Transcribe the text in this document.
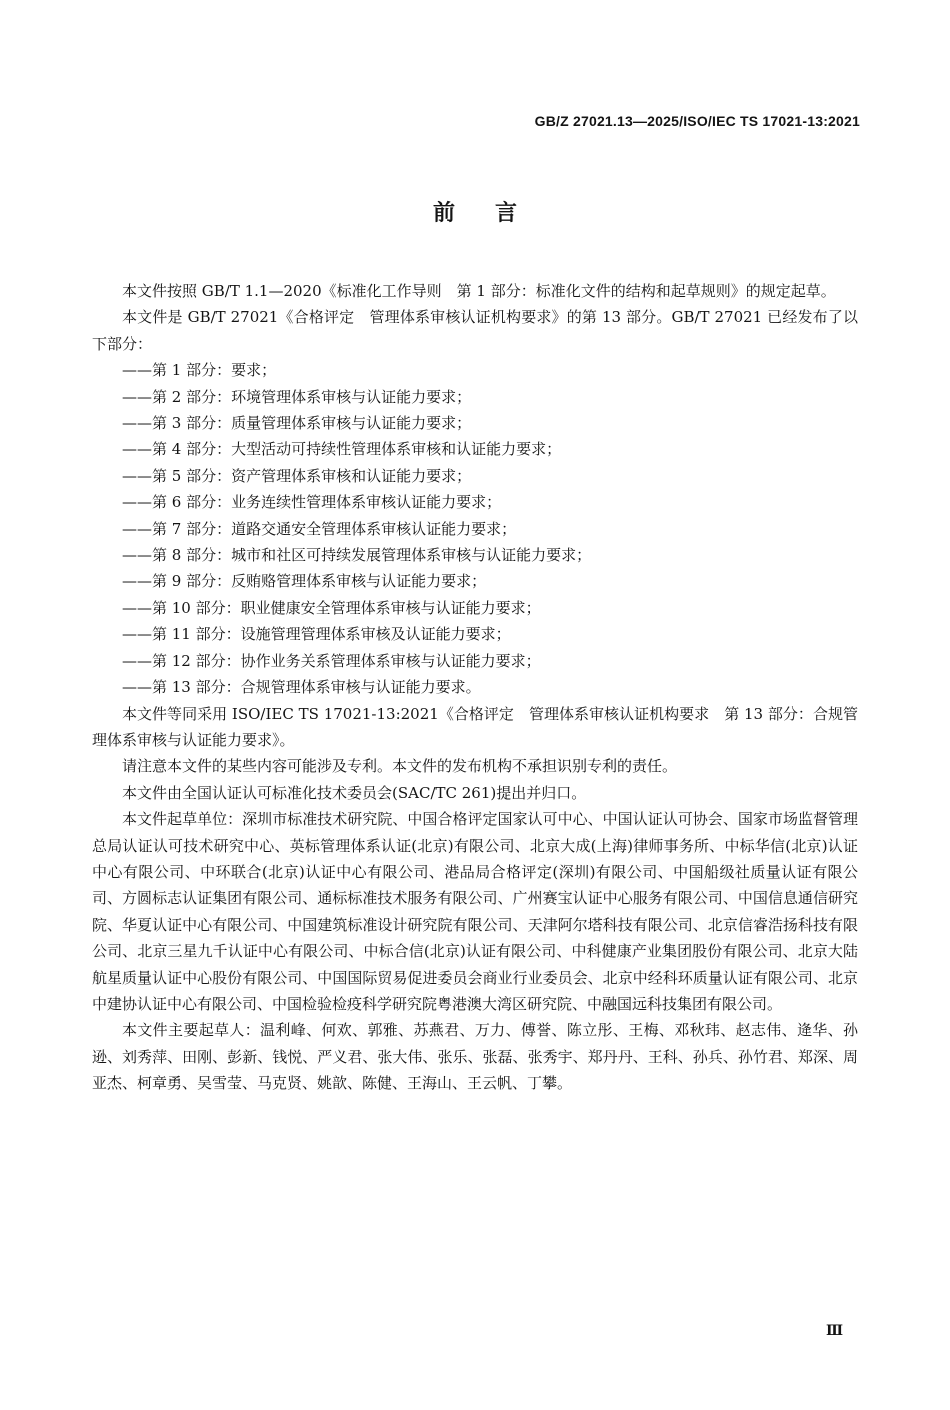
GB/Z 27021.13—2025/ISO/IEC TS 17021-13:2021
前言

本文件按照 GB/T 1.1—2020《标准化工作导则　第 1 部分：标准化文件的结构和起草规则》的规定起草。

本文件是 GB/T 27021《合格评定　管理体系审核认证机构要求》的第 13 部分。GB/T 27021 已经发布了以下部分：

——第 1 部分：要求；
——第 2 部分：环境管理体系审核与认证能力要求；
——第 3 部分：质量管理体系审核与认证能力要求；
——第 4 部分：大型活动可持续性管理体系审核和认证能力要求；
——第 5 部分：资产管理体系审核和认证能力要求；
——第 6 部分：业务连续性管理体系审核认证能力要求；
——第 7 部分：道路交通安全管理体系审核认证能力要求；
——第 8 部分：城市和社区可持续发展管理体系审核与认证能力要求；
——第 9 部分：反贿赂管理体系审核与认证能力要求；
——第 10 部分：职业健康安全管理体系审核与认证能力要求；
——第 11 部分：设施管理管理体系审核及认证能力要求；
——第 12 部分：协作业务关系管理体系审核与认证能力要求；
——第 13 部分：合规管理体系审核与认证能力要求。

本文件等同采用 ISO/IEC TS 17021-13:2021《合格评定　管理体系审核认证机构要求　第 13 部分：合规管理体系审核与认证能力要求》。

请注意本文件的某些内容可能涉及专利。本文件的发布机构不承担识别专利的责任。

本文件由全国认证认可标准化技术委员会(SAC/TC 261)提出并归口。

本文件起草单位：深圳市标准技术研究院、中国合格评定国家认可中心、中国认证认可协会、国家市场监督管理总局认证认可技术研究中心、英标管理体系认证(北京)有限公司、北京大成(上海)律师事务所、中标华信(北京)认证中心有限公司、中环联合(北京)认证中心有限公司、港品局合格评定(深圳)有限公司、中国船级社质量认证有限公司、方圆标志认证集团有限公司、通标标准技术服务有限公司、广州赛宝认证中心服务有限公司、中国信息通信研究院、华夏认证中心有限公司、中国建筑标准设计研究院有限公司、天津阿尔塔科技有限公司、北京信睿浩扬科技有限公司、北京三星九千认证中心有限公司、中标合信(北京)认证有限公司、中科健康产业集团股份有限公司、北京大陆航星质量认证中心股份有限公司、中国国际贸易促进委员会商业行业委员会、北京中经科环质量认证有限公司、北京中建协认证中心有限公司、中国检验检疫科学研究院粤港澳大湾区研究院、中融国远科技集团有限公司。

本文件主要起草人：温利峰、何欢、郭雅、苏燕君、万力、傅誉、陈立彤、王梅、邓秋玮、赵志伟、逄华、孙逊、刘秀萍、田刚、彭新、钱悦、严义君、张大伟、张乐、张磊、张秀宇、郑丹丹、王科、孙兵、孙竹君、郑深、周亚杰、柯章勇、吴雪莹、马克贤、姚歆、陈健、王海山、王云帆、丁攀。

Ⅲ
